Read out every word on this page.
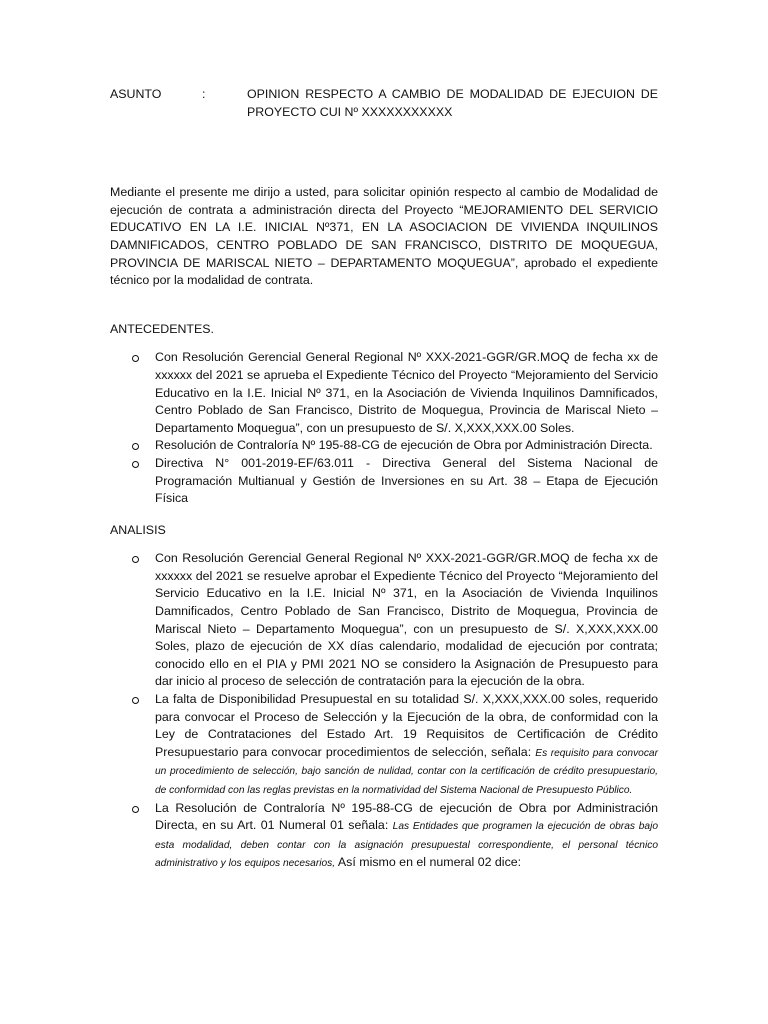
ASUNTO	:	OPINION RESPECTO A CAMBIO DE MODALIDAD DE EJECUION DE PROYECTO CUI Nº XXXXXXXXXXX

Mediante el presente me dirijo a usted, para solicitar opinión respecto al cambio de Modalidad de ejecución de contrata a administración directa del Proyecto “MEJORAMIENTO DEL SERVICIO EDUCATIVO EN LA I.E. INICIAL Nº371, EN LA ASOCIACION DE VIVIENDA INQUILINOS DAMNIFICADOS, CENTRO POBLADO DE SAN FRANCISCO, DISTRITO DE MOQUEGUA, PROVINCIA DE MARISCAL NIETO – DEPARTAMENTO MOQUEGUA”, aprobado el expediente técnico por la modalidad de contrata.

ANTECEDENTES.
Con Resolución Gerencial General Regional Nº XXX-2021-GGR/GR.MOQ de fecha xx de xxxxxx del 2021 se aprueba el Expediente Técnico del Proyecto “Mejoramiento del Servicio Educativo en la I.E. Inicial Nº 371, en la Asociación de Vivienda Inquilinos Damnificados, Centro Poblado de San Francisco, Distrito de Moquegua, Provincia de Mariscal Nieto – Departamento Moquegua”, con un presupuesto de S/. X,XXX,XXX.00 Soles.
Resolución de Contraloría Nº 195-88-CG de ejecución de Obra por Administración Directa.
Directiva N° 001-2019-EF/63.011 - Directiva General del Sistema Nacional de Programación Multianual y Gestión de Inversiones en su Art. 38 – Etapa de Ejecución Física
ANALISIS
Con Resolución Gerencial General Regional Nº XXX-2021-GGR/GR.MOQ de fecha xx de xxxxxx del 2021 se resuelve aprobar el Expediente Técnico del Proyecto “Mejoramiento del Servicio Educativo en la I.E. Inicial Nº 371, en la Asociación de Vivienda Inquilinos Damnificados, Centro Poblado de San Francisco, Distrito de Moquegua, Provincia de Mariscal Nieto – Departamento Moquegua”, con un presupuesto de S/. X,XXX,XXX.00 Soles, plazo de ejecución de XX días calendario, modalidad de ejecución por contrata; conocido ello en el PIA y PMI 2021 NO se considero la Asignación de Presupuesto para dar inicio al proceso de selección de contratación para la ejecución de la obra.
La falta de Disponibilidad Presupuestal en su totalidad S/. X,XXX,XXX.00 soles, requerido para convocar el Proceso de Selección y la Ejecución de la obra, de conformidad con la Ley de Contrataciones del Estado Art. 19 Requisitos de Certificación de Crédito Presupuestario para convocar procedimientos de selección, señala: Es requisito para convocar un procedimiento de selección, bajo sanción de nulidad, contar con la certificación de crédito presupuestario, de conformidad con las reglas previstas en la normatividad del Sistema Nacional de Presupuesto Público.
La Resolución de Contraloría Nº 195-88-CG de ejecución de Obra por Administración Directa, en su Art. 01 Numeral 01 señala: Las Entidades que programen la ejecución de obras bajo esta modalidad, deben contar con la asignación presupuestal correspondiente, el personal técnico administrativo y los equipos necesarios, Así mismo en el numeral 02 dice:
